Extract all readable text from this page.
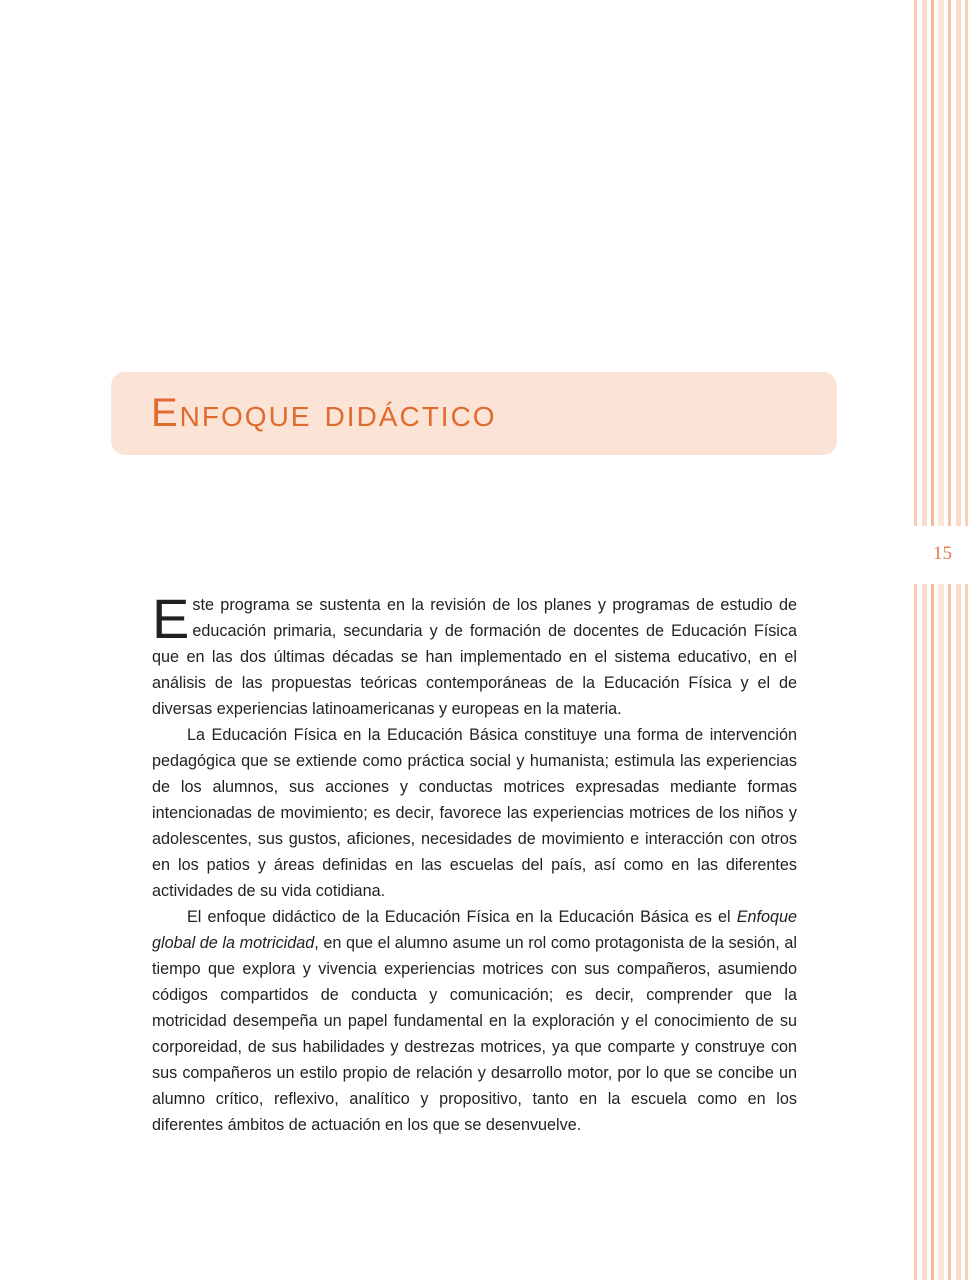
15
Enfoque didáctico

Este programa se sustenta en la revisión de los planes y programas de estudio de educación primaria, secundaria y de formación de docentes de Educación Física que en las dos últimas décadas se han implementado en el sistema educativo, en el análisis de las propuestas teóricas contemporáneas de la Educación Física y el de diversas experiencias latinoamericanas y europeas en la materia.

La Educación Física en la Educación Básica constituye una forma de intervención pedagógica que se extiende como práctica social y humanista; estimula las experiencias de los alumnos, sus acciones y conductas motrices expresadas mediante formas intencionadas de movimiento; es decir, favorece las experiencias motrices de los niños y adolescentes, sus gustos, aficiones, necesidades de movimiento e interacción con otros en los patios y áreas definidas en las escuelas del país, así como en las diferentes actividades de su vida cotidiana.

El enfoque didáctico de la Educación Física en la Educación Básica es el Enfoque global de la motricidad, en que el alumno asume un rol como protagonista de la sesión, al tiempo que explora y vivencia experiencias motrices con sus compañeros, asumiendo códigos compartidos de conducta y comunicación; es decir, comprender que la motricidad desempeña un papel fundamental en la exploración y el conocimiento de su corporeidad, de sus habilidades y destrezas motrices, ya que comparte y construye con sus compañeros un estilo propio de relación y desarrollo motor, por lo que se concibe un alumno crítico, reflexivo, analítico y propositivo, tanto en la escuela como en los diferentes ámbitos de actuación en los que se desenvuelve.
